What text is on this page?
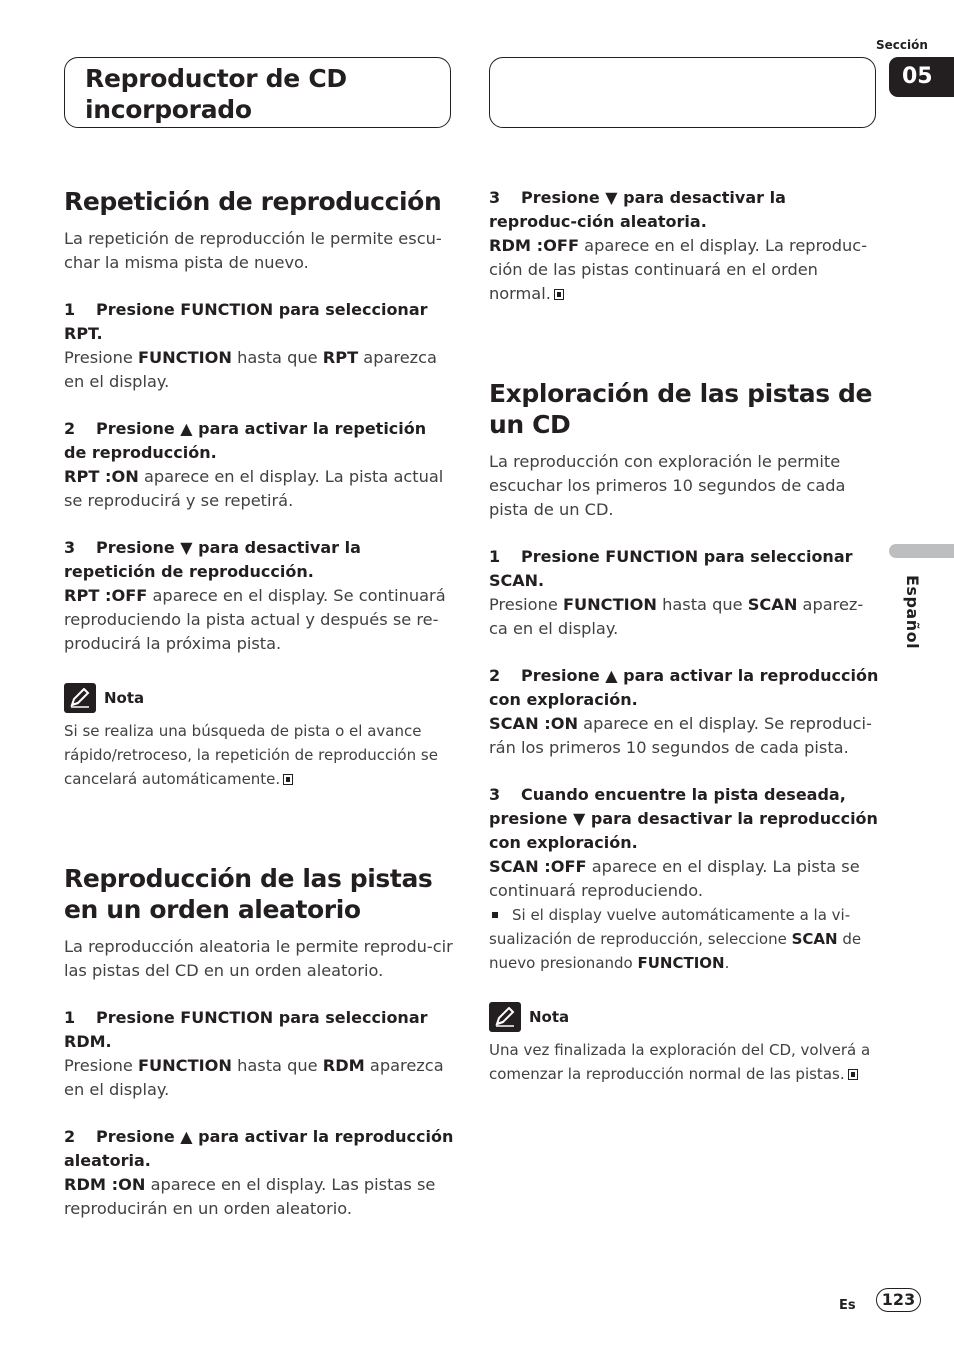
Reproductor de CD incorporado
Sección
05
Español
Repetición de reproducción

La repetición de reproducción le permite escu-char la misma pista de nuevo.

1 Presione FUNCTION para seleccionar RPT.

Presione FUNCTION hasta que RPT aparezca en el display.

2 Presione ▲ para activar la repetición de reproducción.

RPT :ON aparece en el display. La pista actual se reproducirá y se repetirá.

3 Presione ▼ para desactivar la repetición de reproducción.

RPT :OFF aparece en el display. Se continuará reproduciendo la pista actual y después se re-producirá la próxima pista.

Nota

Si se realiza una búsqueda de pista o el avance rápido/retroceso, la repetición de reproducción se cancelará automáticamente.

Reproducción de las pistas en un orden aleatorio

La reproducción aleatoria le permite reprodu-cir las pistas del CD en un orden aleatorio.

1 Presione FUNCTION para seleccionar RDM.

Presione FUNCTION hasta que RDM aparezca en el display.

2 Presione ▲ para activar la reproducción aleatoria.

RDM :ON aparece en el display. Las pistas se reproducirán en un orden aleatorio.

3 Presione ▼ para desactivar la reproduc-ción aleatoria.

RDM :OFF aparece en el display. La reproduc-ción de las pistas continuará en el orden normal.

Exploración de las pistas de un CD

La reproducción con exploración le permite escuchar los primeros 10 segundos de cada pista de un CD.

1 Presione FUNCTION para seleccionar SCAN.

Presione FUNCTION hasta que SCAN aparez-ca en el display.

2 Presione ▲ para activar la reproducción con exploración.

SCAN :ON aparece en el display. Se reproduci-rán los primeros 10 segundos de cada pista.

3 Cuando encuentre la pista deseada, presione ▼ para desactivar la reproducción con exploración.

SCAN :OFF aparece en el display. La pista se continuará reproduciendo.

Si el display vuelve automáticamente a la vi-sualización de reproducción, seleccione SCAN de nuevo presionando FUNCTION.

Nota

Una vez finalizada la exploración del CD, volverá a comenzar la reproducción normal de las pistas.

Es	123
